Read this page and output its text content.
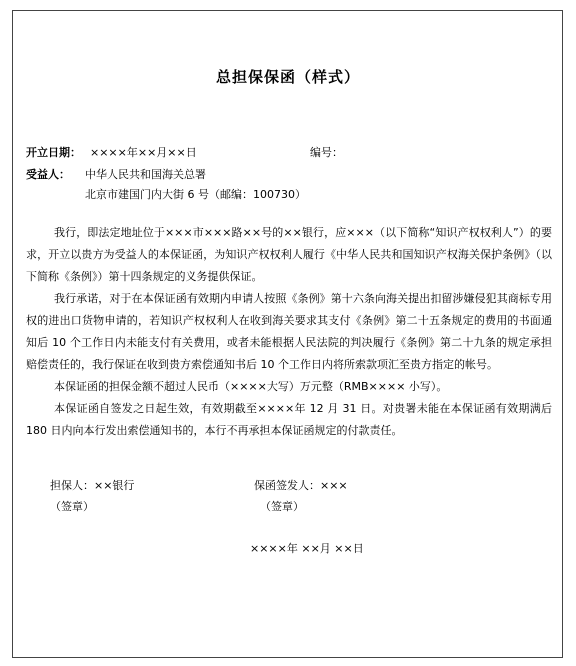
总担保保函（样式）
开立日期： ××××年××月××日	编号：
受益人： 中华人民共和国海关总署
北京市建国门内大街 6 号（邮编：100730）
我行，即法定地址位于×××市×××路××号的××银行，应×××（以下简称“知识产权权利人”）的要求，开立以贵方为受益人的本保证函，为知识产权权利人履行《中华人民共和国知识产权海关保护条例》（以下简称《条例》）第十四条规定的义务提供保证。
我行承诺，对于在本保证函有效期内申请人按照《条例》第十六条向海关提出扣留涉嫌侵犯其商标专用权的进出口货物申请的，若知识产权权利人在收到海关要求其支付《条例》第二十五条规定的费用的书面通知后 10 个工作日内未能支付有关费用，或者未能根据人民法院的判决履行《条例》第二十九条的规定承担赔偿责任的，我行保证在收到贵方索偿通知书后 10 个工作日内将所索款项汇至贵方指定的帐号。
本保证函的担保金额不超过人民币（××××大写）万元整（RMB×××× 小写）。
本保证函自签发之日起生效，有效期截至××××年 12 月 31 日。对贵署未能在本保证函有效期满后 180 日内向本行发出索偿通知书的，本行不再承担本保证函规定的付款责任。
担保人：××银行
（签章）
保函签发人：×××
（签章）
××××年 ××月 ××日
